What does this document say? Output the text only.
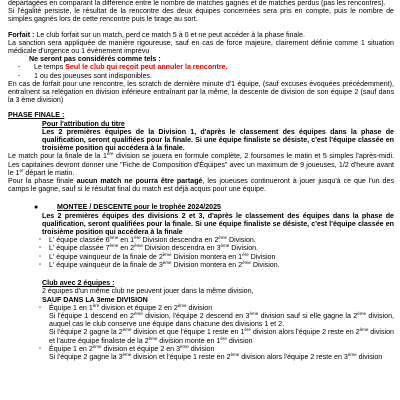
départagées en comparant la différence entre le nombre de matches gagnés et de matches perdus (pas les rencontres).

Si l'égalité persiste, le résultat de la rencontre des deux équipes concernées sera pris en compte, puis le nombre de simples gagnés lors de cette rencontre puis le tirage au sort.

Forfait : Le club forfait sur un match, perd ce match 5 à 0 et ne peut accéder à la phase finale.

La sanction sera appliquée de manière rigoureuse, sauf en cas de force majeure, clairement définie comme 1 situation médicale d'urgence ou 1 évènement imprévu

Ne seront pas considérés comme tels :

-	Le temps Seul le club qui reçoit peut annuler la rencontre.
-	1 ou des joueuses sont indisponibles.

En cas de forfait pour une rencontre, les scratch de dernière minute d'1 équipe, (sauf excuses évoquées précédemment), entraînent sa relégation en division inférieure entraînant par la même, la descente de division de son équipe 2 (sauf dans la 3 ème division)

PHASE FINALE :

Pour l'attribution du titre

Les 2 premières équipes de la Division 1, d'après le classement des équipes dans la phase de qualification, seront qualifiées pour la finale. Si une équipe finaliste se désiste, c'est l'équipe classée en troisième position qui accédera à la finale.

Le match pour la finale de la 1ère division se jouera en formule complète, 2 foursomes le matin et 5 simples l'après-midi. Les capitaines devront donner une "Fiche de Composition d'Équipes" avec un maximum de 9 joueuses, 1/2 d'heure avant le 1er départ le matin.

Pour la phase finale aucun match ne pourra être partagé, les joueuses continueront à jouer jusqu'à ce que l'un des camps le gagne, sauf si le résultat final du match est déjà acquis pour une équipe.

●	MONTEE / DESCENTE pour le trophée 2024/2025

Les 2 premières équipes des divisions 2 et 3, d'après le classement des équipes dans la phase de qualification, seront qualifiées pour la finale. Si une équipe finaliste se désiste, c'est l'équipe classée en troisième position qui accédera à la finale

▫	L' équipe classée 6ème en 1ère Division descendra en 2ème Division.
▫	L' équipe classée 7ème en 2ème Division descendra en 3ème Division.
▫	L' équipe vainqueur de la finale de 2ème Division montera en 1ère Division
▫	L' équipe vainqueur de la finale de 3ème Division montera en 2ème Division.

Club avec 2 équipes :

2 équipes d'un même club ne peuvent jouer dans la même division,

SAUF DANS LA 3eme DIVISION

▫	Équipe 1 en 1ère division et équipe 2 en 2ème division

Si l'équipe 1 descend en 2ème division, l'équipe 2 descend en 3ème division sauf si elle gagne la 2ème division, auquel cas le club conserve une équipe dans chacune des divisions 1 et 2.

Si l'équipe 2 gagne la 2ème division et que l'équipe 1 reste en 1ère division alors l'équipe 2 reste en 2ème division et l'autre équipe finaliste de la 2ème division monte en 1ère division

▫	Équipe 1 en 2ème division et équipe 2 en 3ème division

Si l'équipe 2 gagne la 3ème division et l'équipe 1 reste en 2ème division alors l'équipe 2 reste en 3ème division
